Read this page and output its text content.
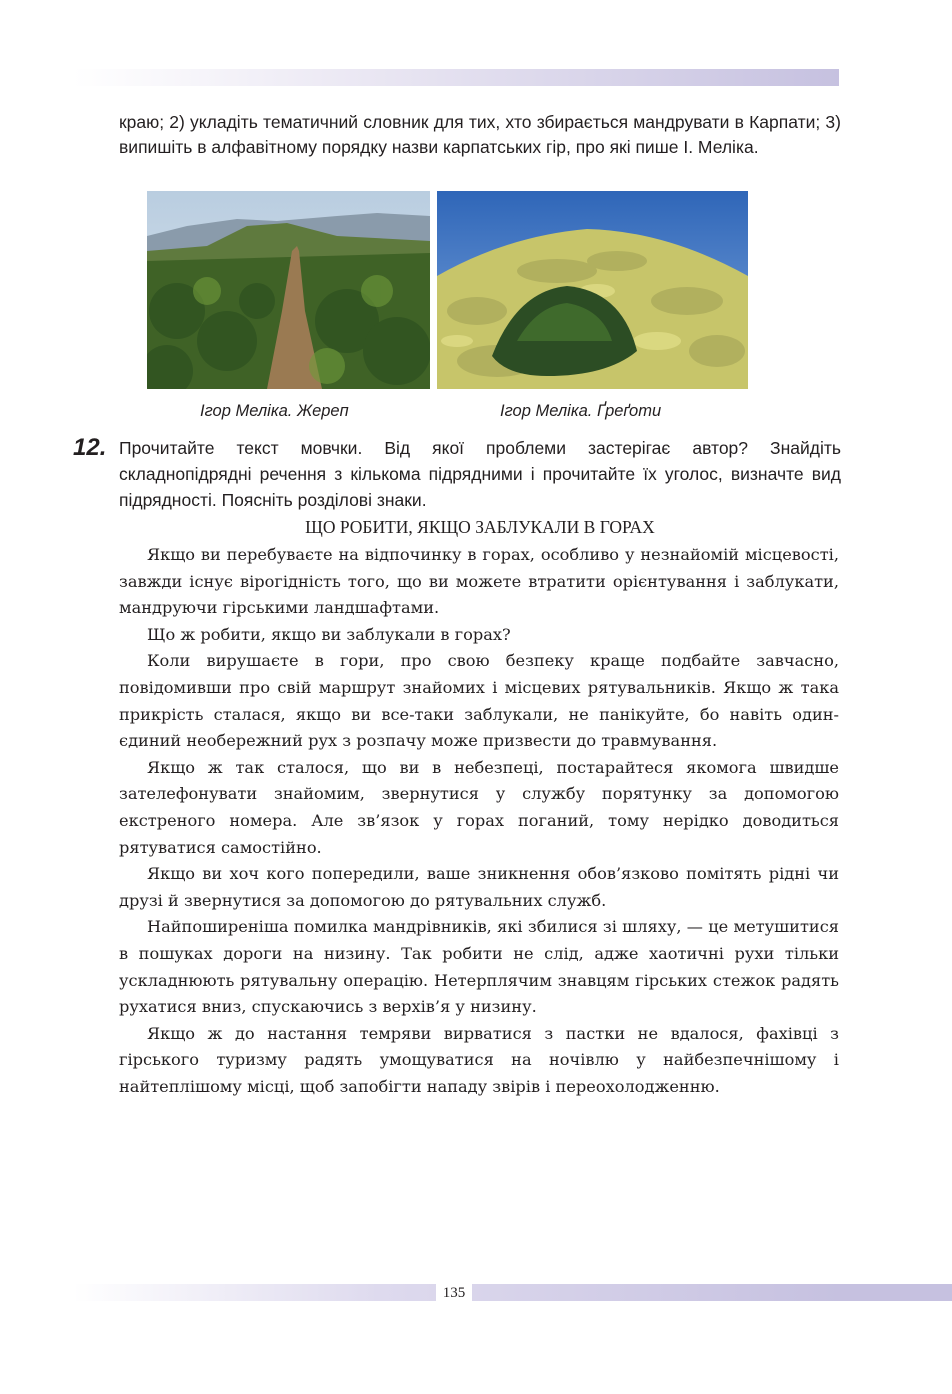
краю; 2) укладіть тематичний словник для тих, хто збирається мандрувати в Карпати; 3) випишіть в алфавітному порядку назви карпатських гір, про які пише І. Меліка.
Ігор Меліка. Жереп	Ігор Меліка. Ґреґоти
12. Прочитайте текст мовчки. Від якої проблеми застерігає автор? Знайдіть складнопідрядні речення з кількома підрядними і прочитайте їх уголос, визначте вид підрядності. Поясніть розділові знаки.
ЩО РОБИТИ, ЯКЩО ЗАБЛУКАЛИ В ГОРАХ

Якщо ви перебуваєте на відпочинку в горах, особливо у незнайомій місцевості, завжди існує вірогідність того, що ви можете втратити орієнтування і заблукати, мандруючи гірськими ландшафтами.

Що ж робити, якщо ви заблукали в горах?

Коли вирушаєте в гори, про свою безпеку краще подбайте завчасно, повідомивши про свій маршрут знайомих і місцевих рятувальників. Якщо ж така прикрість сталася, якщо ви все-таки заблукали, не панікуйте, бо навіть один-єдиний необережний рух з розпачу може призвести до травмування.

Якщо ж так сталося, що ви в небезпеці, постарайтеся якомога швидше зателефонувати знайомим, звернутися у службу порятунку за допомогою екстреного номера. Але зв’язок у горах поганий, тому нерідко доводиться рятуватися самостійно.

Якщо ви хоч кого попередили, ваше зникнення обов’язково помітять рідні чи друзі й звернутися за допомогою до рятувальних служб.

Найпоширеніша помилка мандрівників, які збилися зі шляху, — це метушитися в пошуках дороги на низину. Так робити не слід, адже хаотичні рухи тільки ускладнюють рятувальну операцію. Нетерплячим знавцям гірських стежок радять рухатися вниз, спускаючись з верхів’я у низину.

Якщо ж до настання темряви вирватися з пастки не вдалося, фахівці з гірського туризму радять умощуватися на ночівлю у найбезпечнішому і найтеплішому місці, щоб запобігти нападу звірів і переохолодженню.

135
